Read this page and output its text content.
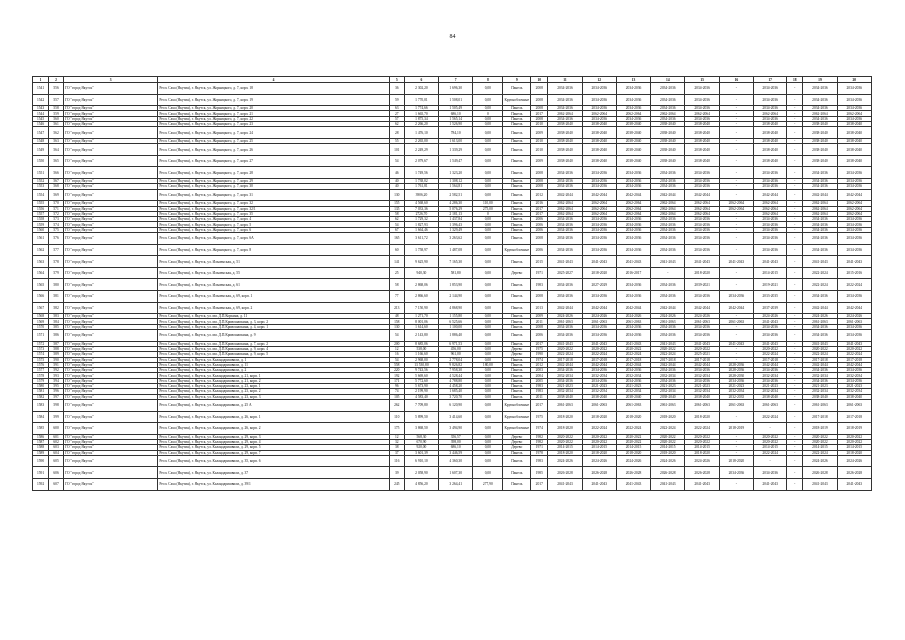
84
1	2	3	4	5	6	7	8	9	10	11	12	13	14	15	16	17	18	19	20
1541	556	ГО "город Якутск"	Респ. Саха (Якутия), г. Якутск, ул. Жорницкого, д. 7, корп. 18	36	2 302,20	1 696,30	0,00	Панель	2008	2034-2036	2034-2036	2034-2036	2034-2036	2034-2036	-	2034-2036	-	2034-2036	2034-2036
1542	557	ГО "город Якутск"	Респ. Саха (Якутия), г. Якутск, ул. Жорницкого, д. 7, корп. 19	59	1 770,01	1 508,01	0,00	Крупноблочные	2008	2034-2036	2034-2036	2034-2036	2034-2036	2034-2036	-	2034-2036	-	2034-2036	2034-2036
1543	558	ГО "город Якутск"	Респ. Саха (Якутия), г. Якутск, ул. Жорницкого, д. 7, корп. 20	63	1 774,66	1 505,49	0,00	Панель	2008	2034-2036	2034-2036	2034-2036	2034-2036	2034-2036	-	2034-2036	-	2034-2036	2034-2036
1544	559	ГО "город Якутск"	Респ. Саха (Якутия), г. Якутск, ул. Жорницкого, д. 7, корп. 21	27	1 665,70	686,10	0	Панель	2017	2062-2064	2062-2064	2062-2064	2062-2064	2062-2064	-	2062-2064	-	2062-2064	2062-2064
1545	560	ГО "город Якутск"	Респ. Саха (Якутия), г. Якутск, ул. Жорницкого, д. 7, корп. 22	57	1 875,34	1 565,14	0,00	Панель	2008	2034-2036	2034-2036	2034-2036	2034-2036	2034-2036	-	2034-2036	-	2034-2036	2034-2036
1546	561	ГО "город Якутск"	Респ. Саха (Якутия), г. Якутск, ул. Жорницкого, д. 7, корп. 23	62	2 266,20	1 526,90	0,00	Панель	2010	2038-2040	2038-2040	2038-2040	2038-2040	2038-2040	-	2038-2040	-	2038-2040	2038-2040
1547	562	ГО "город Якутск"	Респ. Саха (Якутия), г. Якутск, ул. Жорницкого, д. 7, корп. 24	28	1 476,10	784,10	0,00	Панель	2009	2038-2040	2038-2040	2038-2040	2038-2040	2038-2040	-	2038-2040	-	2038-2040	2038-2040
1548	563	ГО "город Якутск"	Респ. Саха (Якутия), г. Якутск, ул. Жорницкого, д. 7, корп. 25	55	2 265,00	1 613,00	0,00	Панель	2010	2038-2040	2038-2040	2038-2040	2038-2040	2038-2040	-	2038-2040	-	2038-2040	2038-2040
1549	564	ГО "город Якутск"	Респ. Саха (Якутия), г. Якутск, ул. Жорницкого, д. 7, корп. 26	101	2 249,29	1 339,29	0,00	Панель	2010	2038-2040	2038-2040	2038-2040	2038-2040	2038-2040	-	2038-2040	-	2038-2040	2038-2040
1550	565	ГО "город Якутск"	Респ. Саха (Якутия), г. Якутск, ул. Жорницкого, д. 7, корп. 27	54	2 079,67	1 549,47	0,00	Панель	2009	2038-2040	2038-2040	2038-2040	2038-2040	2038-2040	-	2038-2040	-	2038-2040	2038-2040
1551	566	ГО "город Якутск"	Респ. Саха (Якутия), г. Якутск, ул. Жорницкого, д. 7, корп. 28	46	1 749,56	1 323,20	0,00	Панель	2008	2034-2036	2034-2036	2034-2036	2034-2036	2034-2036	-	2034-2036	-	2034-2036	2034-2036
1552	567	ГО "город Якутск"	Респ. Саха (Якутия), г. Якутск, ул. Жорницкого, д. 7, корп. 29	40	1 738,02	1 308,12	0,00	Панель	2008	2034-2036	2034-2036	2034-2036	2034-2036	2034-2036	-	2034-2036	-	2034-2036	2034-2036
1553	568	ГО "город Якутск"	Респ. Саха (Якутия), г. Якутск, ул. Жорницкого, д. 7, корп. 30	40	1 761,81	1 564,81	0,00	Панель	2008	2034-2036	2034-2036	2034-2036	2034-2036	2034-2036	-	2034-2036	-	2034-2036	2034-2036
1554	569	ГО "город Якутск"	Респ. Саха (Якутия), г. Якутск, ул. Жорницкого, д. 7, корп. 31	130	3906,20	2 582,51	0,00	Панель	2012	2042-2044	2042-2044	2042-2044	2042-2044	2042-2044	-	2042-2044	-	2042-2044	2042-2044
1555	570	ГО "город Якутск"	Респ. Саха (Якутия), г. Якутск, ул. Жорницкого, д. 7, корп. 32	155	4 568,60	4 286,30	110,00	Панель	2016	2062-2064	2062-2064	2062-2064	2062-2064	2062-2064	2062-2064	2062-2064	-	2062-2064	2062-2064
1556	571	ГО "город Якутск"	Респ. Саха (Якутия), г. Якутск, ул. Жорницкого, д. 7, корп. 32/1	135	7 033,36	5 076,29	275,00	Панель	2017	2062-2064	2062-2064	2062-2064	2062-2064	2062-2064	2062-2064	2062-2064	-	2062-2064	2062-2064
1557	572	ГО "город Якутск"	Респ. Саха (Якутия), г. Якутск, ул. Жорницкого, д. 7, корп. 35	58	2726,70	2 181,13	0	Панель	2017	2062-2064	2062-2064	2062-2064	2062-2064	2062-2064	-	2062-2064	-	2062-2064	2062-2064
1558	573	ГО "город Якутск"	Респ. Саха (Якутия), г. Якутск, ул. Жорницкого, д. 7, корп. 4	62	1 729,32	1 437,84	0,00	Панель	2006	2034-2036	2034-2036	2034-2036	2034-2036	2034-2036	-	2034-2036	-	2034-2036	2034-2036
1559	574	ГО "город Якутск"	Респ. Саха (Якутия), г. Якутск, ул. Жорницкого, д. 7, корп. 5	54	1 827,93	1 396,43	0,00	Панель	2006	2034-2036	2034-2036	2034-2036	2034-2036	2034-2036	-	2034-2036	-	2034-2036	2034-2036
1560	575	ГО "город Якутск"	Респ. Саха (Якутия), г. Якутск, ул. Жорницкого, д. 7, корп. 6	67	1 664,46	1 329,49	0,00	Панель	2006	2034-2036	2034-2036	2034-2036	2034-2036	2034-2036	-	2034-2036	-	2034-2036	2034-2036
1561	576	ГО "город Якутск"	Респ. Саха (Якутия), г. Якутск, ул. Жорницкого, д. 7, корп. 6А	165	3 611,72	3 263,62	0,00	Панель	2008	2034-2036	2034-2036	2034-2036	2034-2036	2034-2036	-	2034-2036	-	2034-2036	2034-2036
1562	577	ГО "город Якутск"	Респ. Саха (Якутия), г. Якутск, ул. Жорницкого, д. 7, корп. 8	60	1 758,97	1 487,08	0,00	Крупноблочные	2006	2034-2036	2034-2036	2034-2036	2034-2036	2034-2036	-	2034-2036	-	2034-2036	2034-2036
1563	578	ГО "город Якутск"	Респ. Саха (Якутия), г. Якутск, ул. Ильменская, д. 51	141	9 625,90	7 165,30	0,00	Панель	2015	2041-2043	2041-2043	2041-2043	2041-2043	2041-2043	2041-2043	2041-2043	-	2041-2043	2041-2043
1564	579	ГО "город Якутск"	Респ. Саха (Якутия), г. Якутск, ул. Ильменская, д. 55	25	940,30	581,80	0,00	Дерево	1971	2025-2027	2018-2020	2016-2017	-	2018-2020	-	2014-2015	-	2022-2024	2015-2016
1565	580	ГО "город Якутск"	Респ. Саха (Якутия), г. Якутск, ул. Ильменская, д. 61	58	2 868,06	1 853,90	0,00	Панель	1983	2034-2036	2027-2029	2034-2036	2034-2036	2039-2021	-	2019-2021	-	2022-2024	2022-2024
1566	581	ГО "город Якутск"	Респ. Саха (Якутия), г. Якутск, ул. Ильменская, д. 69, корп. 1	77	2 866,60	2 144,90	0,00	Панель	2008	2034-2036	2034-2036	2034-2036	2034-2036	2034-2036	2034-2036	2033-2035	-	2034-2036	2034-2036
1567	582	ГО "город Якутск"	Респ. Саха (Якутия), г. Якутск, ул. Ильменская, д. 69, корп. 2	213	7 150,90	4 868,90	0,00	Панель	2013	2042-2044	2042-2044	2042-2044	2042-2044	2042-2044	2042-2044	2037-2039	-	2042-2044	2042-2044
1568	583	ГО "город Якутск"	Респ. Саха (Якутия), г. Якутск, ул. им. Д.П.Коркина, д. 11	48	1 271,70	1 155,80	0,00	Панель	2009	2024-2026	2024-2026	2024-2026	2024-2026	2024-2026	-	2024-2026	-	2024-2026	2024-2026
1569	584	ГО "город Якутск"	Респ. Саха (Якутия), г. Якутск, ул. им. Д.П.Кривошапкина, д. 3, корп. 2	158	8 001,06	6 525,66	0,00	Панель	2011	2061-2063	2061-2063	2061-2063	2061-2063	2061-2063	2061-2063	2041-2043	-	2061-2063	2061-2063
1570	585	ГО "город Якутск"	Респ. Саха (Якутия), г. Якутск, ул. им. Д.П.Кривошапкина, д. 4, корп. 1	130	1 614,60	1 100,00	0,00	Панель	2008	2034-2036	2034-2036	2034-2036	2034-2036	2034-2036	-	2034-2036	-	2034-2036	2034-2036
1571	586	ГО "город Якутск"	Респ. Саха (Якутия), г. Якутск, ул. им. Д.П.Кривошапкина, д. 9	54	2 143,80	1 886,40	0,00	Панель	2006	2034-2036	2034-2036	2034-2036	2034-2036	2034-2036	-	2034-2036	-	2034-2036	2034-2036
1572	587	ГО "город Якутск"	Респ. Саха (Якутия), г. Якутск, ул. им. Д.П.Кривошапкина, д. 7, корп. 2	200	8 685,06	6 971,53	0,00	Панель	2017	2041-2043	2041-2043	2041-2043	2041-2043	2041-2043	2041-2043	2041-2043	-	2041-2043	2041-2043
1573	588	ГО "город Якутск"	Респ. Саха (Якутия), г. Якутск, ул. им. Д.П.Кривошапкина, д. 9, корп. 4	12	538,00	456,00	0,00	Дерево	1975	2020-2022	2020-2022	2020-2022	2020-2022	2020-2022	-	2020-2022	-	2020-2022	2020-2022
1574	589	ГО "город Якутск"	Респ. Саха (Якутия), г. Якутск, ул. им. Д.П.Кривошапкина, д. 9, корп. 5	16	1 166,60	961,00	0,00	Дерево	1990	2022-2024	2022-2024	2022-2024	2022-2024	2025-2021	-	2022-2024	-	2022-2024	2022-2024
1575	590	ГО "город Якутск"	Респ. Саха (Якутия), г. Якутск, ул. Каландаришвили, д. 1	54	2 968,00	2 778,04	0,00	Панель	1974	2017-2018	2017-2018	2017-2018	2017-2018	2017-2018	-	2017-2018	-	2017-2018	2017-2018
1576	591	ГО "город Якутск"	Респ. Саха (Якутия), г. Якутск, ул. Каландаришвили, д. 11	558	13 530,80	9 826,82	180,00	Панель	2012	2042-2044	2042-2044	2042-2044	2042-2044	2042-2044	2028-2036	2042-2044	-	2042-2044	2042-2044
1577	592	ГО "город Якутск"	Респ. Саха (Якутия), г. Якутск, ул. Каландаришвили, д. 2	220	9 743,56	7 958,30	0,00	Панель	2003	2034-2036	2034-2036	2034-2036	2034-2036	2034-2036	2028-2036	2034-2036	-	2034-2036	2034-2036
1578	593	ГО "город Якутск"	Респ. Саха (Якутия), г. Якутск, ул. Каландаришвили, д. 21, корп. 1	192	5 669,60	4 528,44	0,00	Панель	2004	2032-2034	2032-2034	2032-2034	2032-2034	2032-2034	2028-2030	2032-2034	-	2032-2034	2032-2034
1579	594	ГО "город Якутск"	Респ. Саха (Якутия), г. Якутск, ул. Каландаришвили, д. 21, корп. 2	171	5 772,60	4 788,80	0,00	Панель	2005	2034-2036	2034-2036	2034-2036	2034-2036	2034-2036	2034-2036	2034-2036	-	2034-2036	2034-2036
1580	595	ГО "город Якутск"	Респ. Саха (Якутия), г. Якутск, ул. Каландаришвили, д. 23, корп. 1	96	5 673,90	4 458,20	0,00	Панель	1983	2021-2023	2021-2023	2021-2023	2021-2023	2021-2023	2021-2023	2021-2023	-	2021-2023	2021-2023
1581	596	ГО "город Якутск"	Респ. Саха (Якутия), г. Якутск, ул. Каландаришвили, д. 23, корп. 2	74	2 199,90	1 685,40	0,00	Панель	1983	2032-2034	2032-2034	2032-2034	2032-2034	2032-2034	2032-2034	2032-2034	-	2032-2034	2032-2034
1582	597	ГО "город Якутск"	Респ. Саха (Якутия), г. Якутск, ул. Каландаришвили, д. 23, корп. 3	105	4 583,40	3 720,70	0,00	Панель	2011	2038-2040	2038-2040	2038-2040	2038-2040	2038-2040	2032-2035	2038-2040	-	2038-2040	2038-2040
1583	598	ГО "город Якутск"	Респ. Саха (Якутия), г. Якутск, ул. Каландаришвили, д. 25 А	262	7 709,80	6 120,90	0,00	Крупноблочные	2017	2061-2063	2061-2063	2061-2063	2061-2063	2061-2063	2061-2063	2061-2063	-	2061-2063	2061-2063
1584	599	ГО "город Якутск"	Респ. Саха (Якутия), г. Якутск, ул. Каландаришвили, д. 26, корп. 1	110	5 899,50	3 414,60	0,00	Крупноблочные	1975	2018-2020	2018-2020	2018-2020	2018-2020	2018-2020	-	2022-2024	-	2017-2018	2017-2018
1585	600	ГО "город Якутск"	Респ. Саха (Якутия), г. Якутск, ул. Каландаришвили, д. 26, корп. 2	175	3 868,50	3 494,90	0,00	Крупноблочные	1974	2018-2020	2022-2024	2022-2024	2022-2024	2022-2024	2018-2019	-	-	2018-2019	2018-2019
1586	601	ГО "город Якутск"	Респ. Саха (Якутия), г. Якутск, ул. Каландаришвили, д. 29, корп. 3	12	568,30	356,57	0,00	Дерево	1982	2020-2022	2020-2022	2020-2022	2020-2022	2020-2022	-	2020-2022	-	2020-2022	2020-2022
1587	602	ГО "город Якутск"	Респ. Саха (Якутия), г. Якутск, ул. Каландаришвили, д. 29, корп. 4	32	670,90	398,00	0,00	Дерево	1982	2020-2022	2020-2022	2020-2022	2020-2022	2020-2022	-	2020-2022	-	2020-2022	2020-2022
1588	603	ГО "город Якутск"	Респ. Саха (Якутия), г. Якутск, ул. Каландаришвили, д. 29, корп. 5	38	920,00	686,10	0,00	Дерево	1971	2014-2015	2014-2015	2014-2015	2014-2015	2014-2015	-	2014-2015	-	2014-2015	2014-2015
1589	604	ГО "город Якутск"	Респ. Саха (Якутия), г. Якутск, ул. Каландаришвили, д. 29, корп. 7	37	3 601,39	3 446,59	0,00	Панель	1978	2018-2020	2018-2020	2018-2020	2018-2020	2018-2020	-	2022-2024	-	2022-2024	2018-2020
1590	605	ГО "город Якутск"	Респ. Саха (Якутия), г. Якутск, ул. Каландаришвили, д. 35, корп. 6	116	6 910,10	4 360,30	0,00	Панель	1983	2024-2026	2024-2026	2024-2026	2024-2026	2024-2026	2018-2020	-	-	2024-2026	2024-2026
1591	606	ГО "город Якутск"	Респ. Саха (Якутия), г. Якутск, ул. Каландаришвили, д. 37	39	2 058,90	1 607,30	0,00	Панель	1985	2026-2028	2026-2028	2026-2028	2026-2028	2026-2028	2034-2036	2034-2036	-	2026-2028	2026-2028
1592	607	ГО "город Якутск"	Респ. Саха (Якутия), г. Якутск, ул. Каландаришвили, д. 39/1	245	4 856,20	3 264,41	277,90	Панель	2017	2041-2043	2041-2043	2041-2043	2041-2043	2041-2043	-	2041-2043	-	2041-2043	2041-2043
